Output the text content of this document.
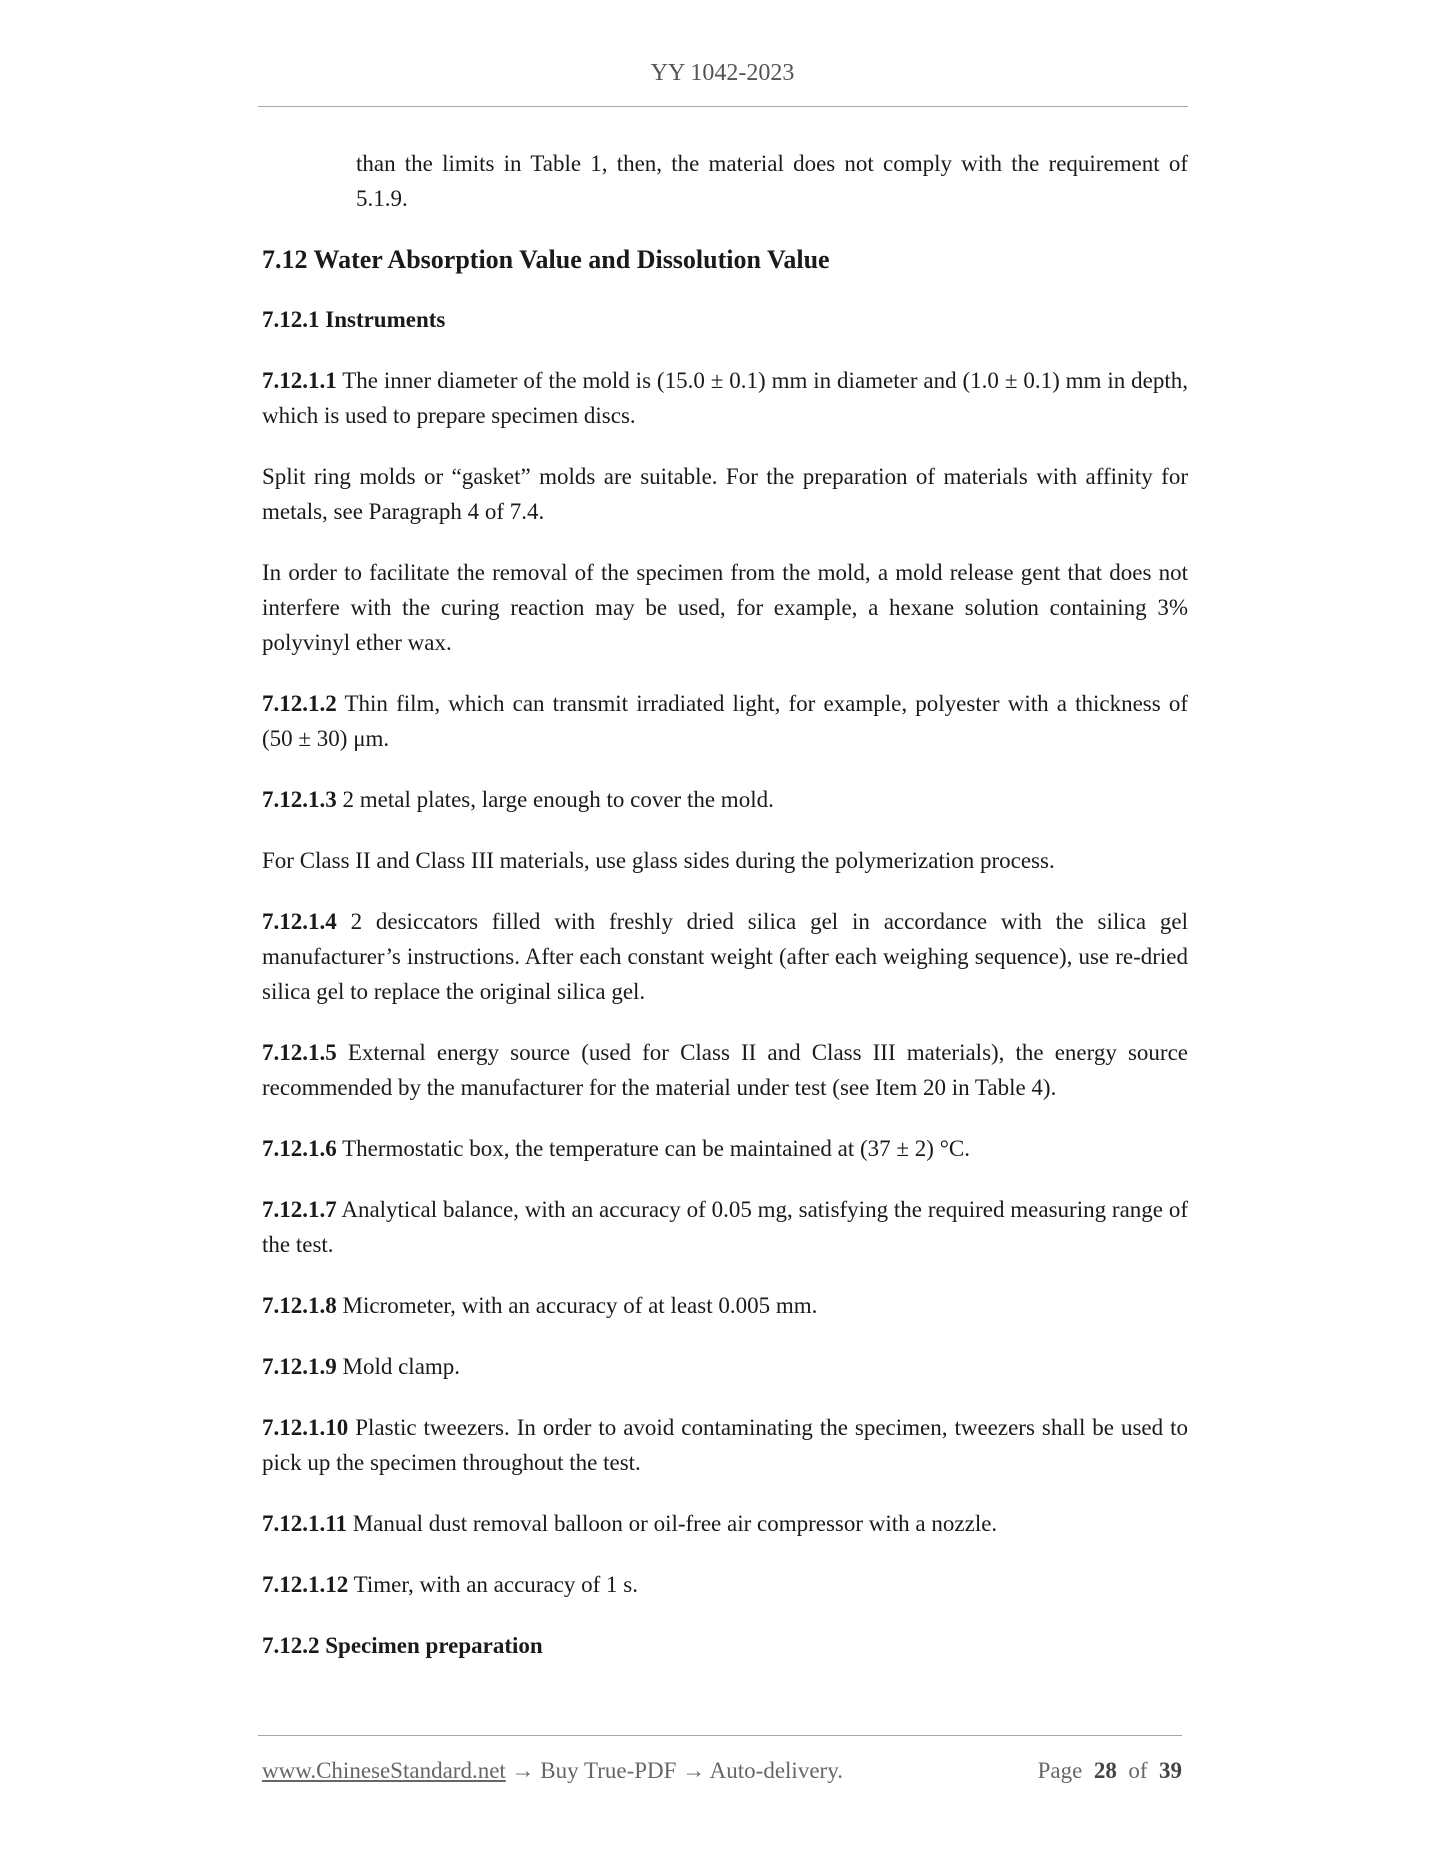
YY 1042-2023

than the limits in Table 1, then, the material does not comply with the requirement of 5.1.9.

7.12 Water Absorption Value and Dissolution Value
7.12.1 Instruments

7.12.1.1 The inner diameter of the mold is (15.0 ± 0.1) mm in diameter and (1.0 ± 0.1) mm in depth, which is used to prepare specimen discs.

Split ring molds or “gasket” molds are suitable. For the preparation of materials with affinity for metals, see Paragraph 4 of 7.4.

In order to facilitate the removal of the specimen from the mold, a mold release gent that does not interfere with the curing reaction may be used, for example, a hexane solution containing 3% polyvinyl ether wax.

7.12.1.2 Thin film, which can transmit irradiated light, for example, polyester with a thickness of (50 ± 30) μm.

7.12.1.3 2 metal plates, large enough to cover the mold.

For Class II and Class III materials, use glass sides during the polymerization process.

7.12.1.4 2 desiccators filled with freshly dried silica gel in accordance with the silica gel manufacturer’s instructions. After each constant weight (after each weighing sequence), use re-dried silica gel to replace the original silica gel.

7.12.1.5 External energy source (used for Class II and Class III materials), the energy source recommended by the manufacturer for the material under test (see Item 20 in Table 4).

7.12.1.6 Thermostatic box, the temperature can be maintained at (37 ± 2) °C.

7.12.1.7 Analytical balance, with an accuracy of 0.05 mg, satisfying the required measuring range of the test.

7.12.1.8 Micrometer, with an accuracy of at least 0.005 mm.

7.12.1.9 Mold clamp.

7.12.1.10 Plastic tweezers. In order to avoid contaminating the specimen, tweezers shall be used to pick up the specimen throughout the test.

7.12.1.11 Manual dust removal balloon or oil-free air compressor with a nozzle.

7.12.1.12 Timer, with an accuracy of 1 s.

7.12.2 Specimen preparation
www.ChineseStandard.net → Buy True-PDF → Auto-delivery.	Page 28 of 39
